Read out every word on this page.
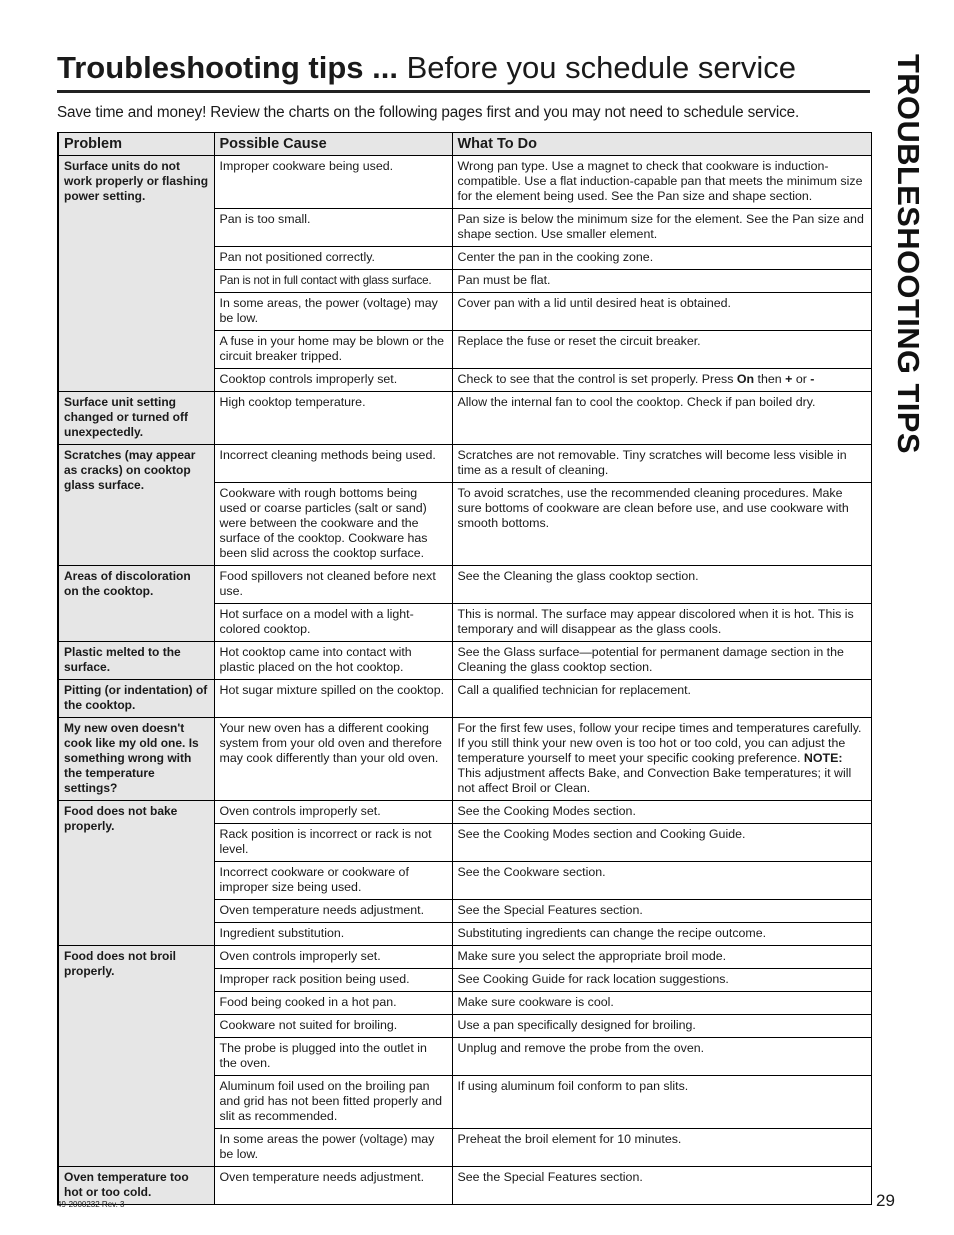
Troubleshooting tips ... Before you schedule service
Save time and money! Review the charts on the following pages first and you may not need to schedule service.	TROUBLESHOOTING TIPS
Problem	Possible Cause	What To Do
Surface units do not work properly or flashing power setting.	Improper cookware being used.	Wrong pan type. Use a magnet to check that cookware is induction-compatible. Use a flat induction-capable pan that meets the minimum size for the element being used. See the Pan size and shape section.
	Pan is too small.	Pan size is below the minimum size for the element. See the Pan size and shape section. Use smaller element.
	Pan not positioned correctly.	Center the pan in the cooking zone.
	Pan is not in full contact with glass surface.	Pan must be flat.
	In some areas, the power (voltage) may be low.	Cover pan with a lid until desired heat is obtained.
	A fuse in your home may be blown or the circuit breaker tripped.	Replace the fuse or reset the circuit breaker.
	Cooktop controls improperly set.	Check to see that the control is set properly. Press On then + or -
Surface unit setting changed or turned off unexpectedly.	High cooktop temperature.	Allow the internal fan to cool the cooktop. Check if pan boiled dry.
Scratches (may appear as cracks) on cooktop glass surface.	Incorrect cleaning methods being used.	Scratches are not removable. Tiny scratches will become less visible in time as a result of cleaning.
	Cookware with rough bottoms being used or coarse particles (salt or sand) were between the cookware and the surface of the cooktop. Cookware has been slid across the cooktop surface.	To avoid scratches, use the recommended cleaning procedures. Make sure bottoms of cookware are clean before use, and use cookware with smooth bottoms.
Areas of discoloration on the cooktop.	Food spillovers not cleaned before next use.	See the Cleaning the glass cooktop section.
	Hot surface on a model with a light-colored cooktop.	This is normal. The surface may appear discolored when it is hot. This is temporary and will disappear as the glass cools.
Plastic melted to the surface.	Hot cooktop came into contact with plastic placed on the hot cooktop.	See the Glass surface—potential for permanent damage section in the Cleaning the glass cooktop section.
Pitting (or indentation) of the cooktop.	Hot sugar mixture spilled on the cooktop.	Call a qualified technician for replacement.
My new oven doesn't cook like my old one. Is something wrong with the temperature settings?	Your new oven has a different cooking system from your old oven and therefore may cook differently than your old oven.	For the first few uses, follow your recipe times and temperatures carefully. If you still think your new oven is too hot or too cold, you can adjust the temperature yourself to meet your specific cooking preference. NOTE: This adjustment affects Bake, and Convection Bake temperatures; it will not affect Broil or Clean.
Food does not bake properly.	Oven controls improperly set.	See the Cooking Modes section.
	Rack position is incorrect or rack is not level.	See the Cooking Modes section and Cooking Guide.
	Incorrect cookware or cookware of improper size being used.	See the Cookware section.
	Oven temperature needs adjustment.	See the Special Features section.
	Ingredient substitution.	Substituting ingredients can change the recipe outcome.
Food does not broil properly.	Oven controls improperly set.	Make sure you select the appropriate broil mode.
	Improper rack position being used.	See Cooking Guide for rack location suggestions.
	Food being cooked in a hot pan.	Make sure cookware is cool.
	Cookware not suited for broiling.	Use a pan specifically designed for broiling.
	The probe is plugged into the outlet in the oven.	Unplug and remove the probe from the oven.
	Aluminum foil used on the broiling pan and grid has not been fitted properly and slit as recommended.	If using aluminum foil conform to pan slits.
	In some areas the power (voltage) may be low.	Preheat the broil element for 10 minutes.
Oven temperature too hot or too cold.	Oven temperature needs adjustment.	See the Special Features section.
49-2000232 Rev. 3	29
